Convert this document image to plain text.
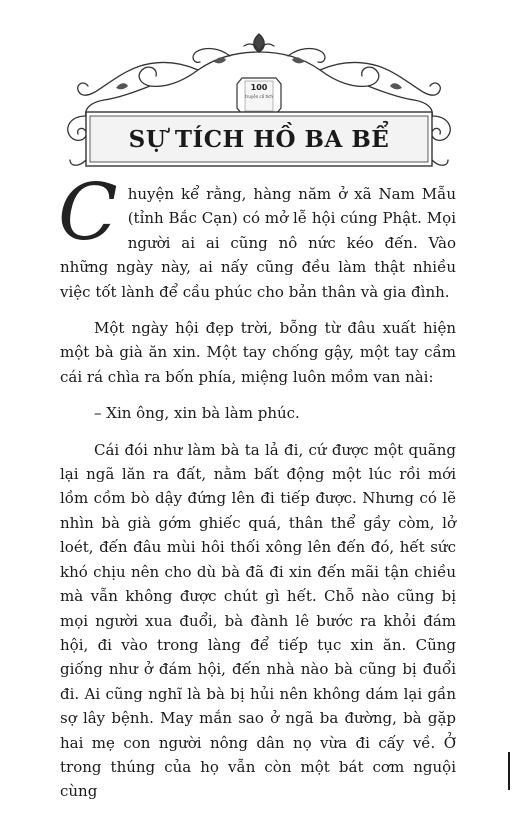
100
truyện cổ tích
SỰ TÍCH HỒ BA BỂ

Chuyện kể rằng, hàng năm ở xã Nam Mẫu (tỉnh Bắc Cạn) có mở lễ hội cúng Phật. Mọi người ai ai cũng nô nức kéo đến. Vào những ngày này, ai nấy cũng đều làm thật nhiều việc tốt lành để cầu phúc cho bản thân và gia đình.

Một ngày hội đẹp trời, bỗng từ đâu xuất hiện một bà già ăn xin. Một tay chống gậy, một tay cầm cái rá chìa ra bốn phía, miệng luôn mồm van nài:

– Xin ông, xin bà làm phúc.

Cái đói như làm bà ta lả đi, cứ được một quãng lại ngã lăn ra đất, nằm bất động một lúc rồi mới lồm cồm bò dậy đứng lên đi tiếp được. Nhưng có lẽ nhìn bà già gớm ghiếc quá, thân thể gầy còm, lở loét, đến đâu mùi hôi thối xông lên đến đó, hết sức khó chịu nên cho dù bà đã đi xin đến mãi tận chiều mà vẫn không được chút gì hết. Chỗ nào cũng bị mọi người xua đuổi, bà đành lê bước ra khỏi đám hội, đi vào trong làng để tiếp tục xin ăn. Cũng giống như ở đám hội, đến nhà nào bà cũng bị đuổi đi. Ai cũng nghĩ là bà bị hủi nên không dám lại gần sợ lây bệnh. May mắn sao ở ngã ba đường, bà gặp hai mẹ con người nông dân nọ vừa đi cấy về. Ở trong thúng của họ vẫn còn một bát cơm nguội cùng
